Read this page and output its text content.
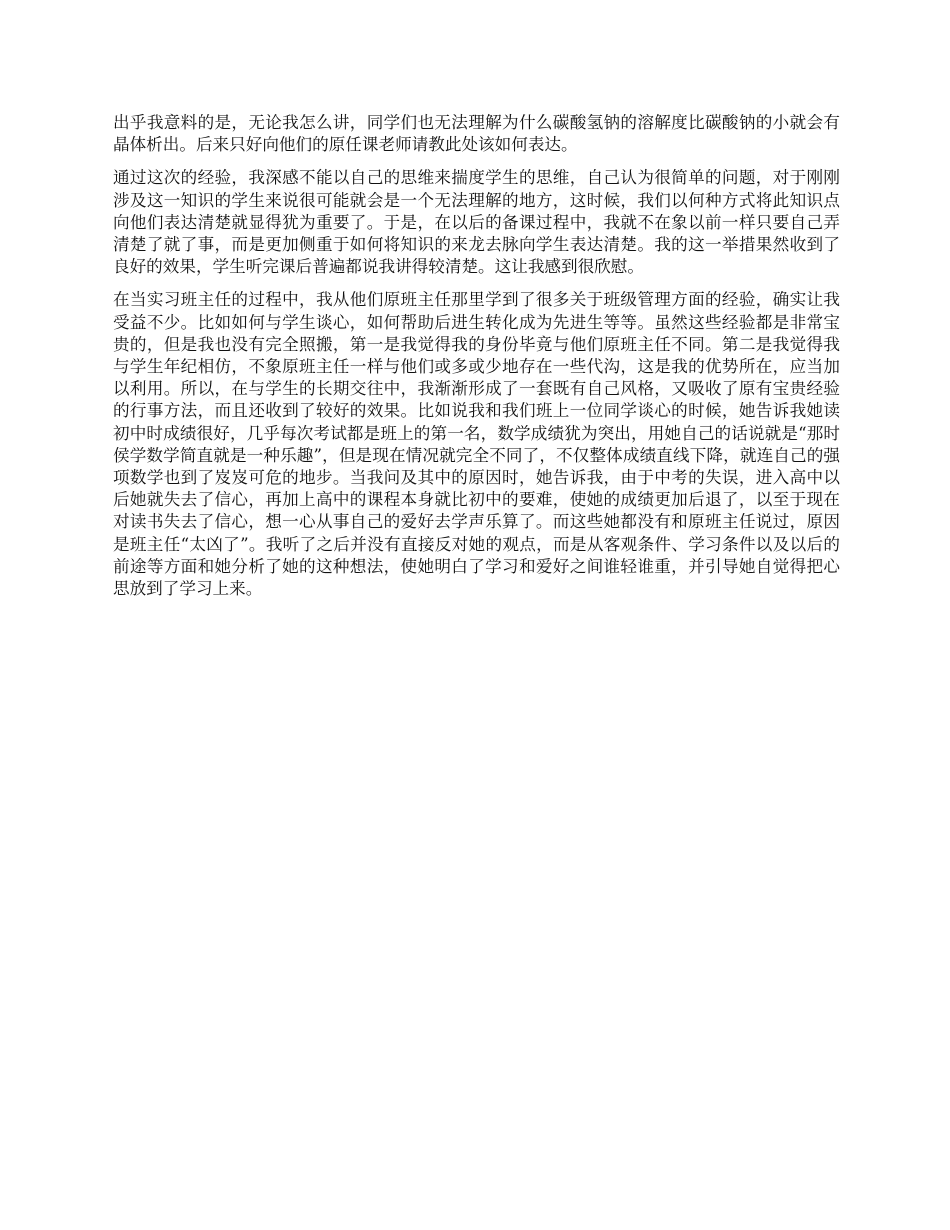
出乎我意料的是，无论我怎么讲，同学们也无法理解为什么碳酸氢钠的溶解度比碳酸钠的小就会有晶体析出。后来只好向他们的原任课老师请教此处该如何表达。

通过这次的经验，我深感不能以自己的思维来揣度学生的思维，自己认为很简单的问题，对于刚刚涉及这一知识的学生来说很可能就会是一个无法理解的地方，这时候，我们以何种方式将此知识点向他们表达清楚就显得犹为重要了。于是，在以后的备课过程中，我就不在象以前一样只要自己弄清楚了就了事，而是更加侧重于如何将知识的来龙去脉向学生表达清楚。我的这一举措果然收到了良好的效果，学生听完课后普遍都说我讲得较清楚。这让我感到很欣慰。

在当实习班主任的过程中，我从他们原班主任那里学到了很多关于班级管理方面的经验，确实让我受益不少。比如如何与学生谈心，如何帮助后进生转化成为先进生等等。虽然这些经验都是非常宝贵的，但是我也没有完全照搬，第一是我觉得我的身份毕竟与他们原班主任不同。第二是我觉得我与学生年纪相仿，不象原班主任一样与他们或多或少地存在一些代沟，这是我的优势所在，应当加以利用。所以，在与学生的长期交往中，我渐渐形成了一套既有自己风格，又吸收了原有宝贵经验的行事方法，而且还收到了较好的效果。比如说我和我们班上一位同学谈心的时候，她告诉我她读初中时成绩很好，几乎每次考试都是班上的第一名，数学成绩犹为突出，用她自己的话说就是“那时侯学数学简直就是一种乐趣”，但是现在情况就完全不同了，不仅整体成绩直线下降，就连自己的强项数学也到了岌岌可危的地步。当我问及其中的原因时，她告诉我，由于中考的失误，进入高中以后她就失去了信心，再加上高中的课程本身就比初中的要难，使她的成绩更加后退了，以至于现在对读书失去了信心，想一心从事自己的爱好去学声乐算了。而这些她都没有和原班主任说过，原因是班主任“太凶了”。我听了之后并没有直接反对她的观点，而是从客观条件、学习条件以及以后的前途等方面和她分析了她的这种想法，使她明白了学习和爱好之间谁轻谁重，并引导她自觉得把心思放到了学习上来。
